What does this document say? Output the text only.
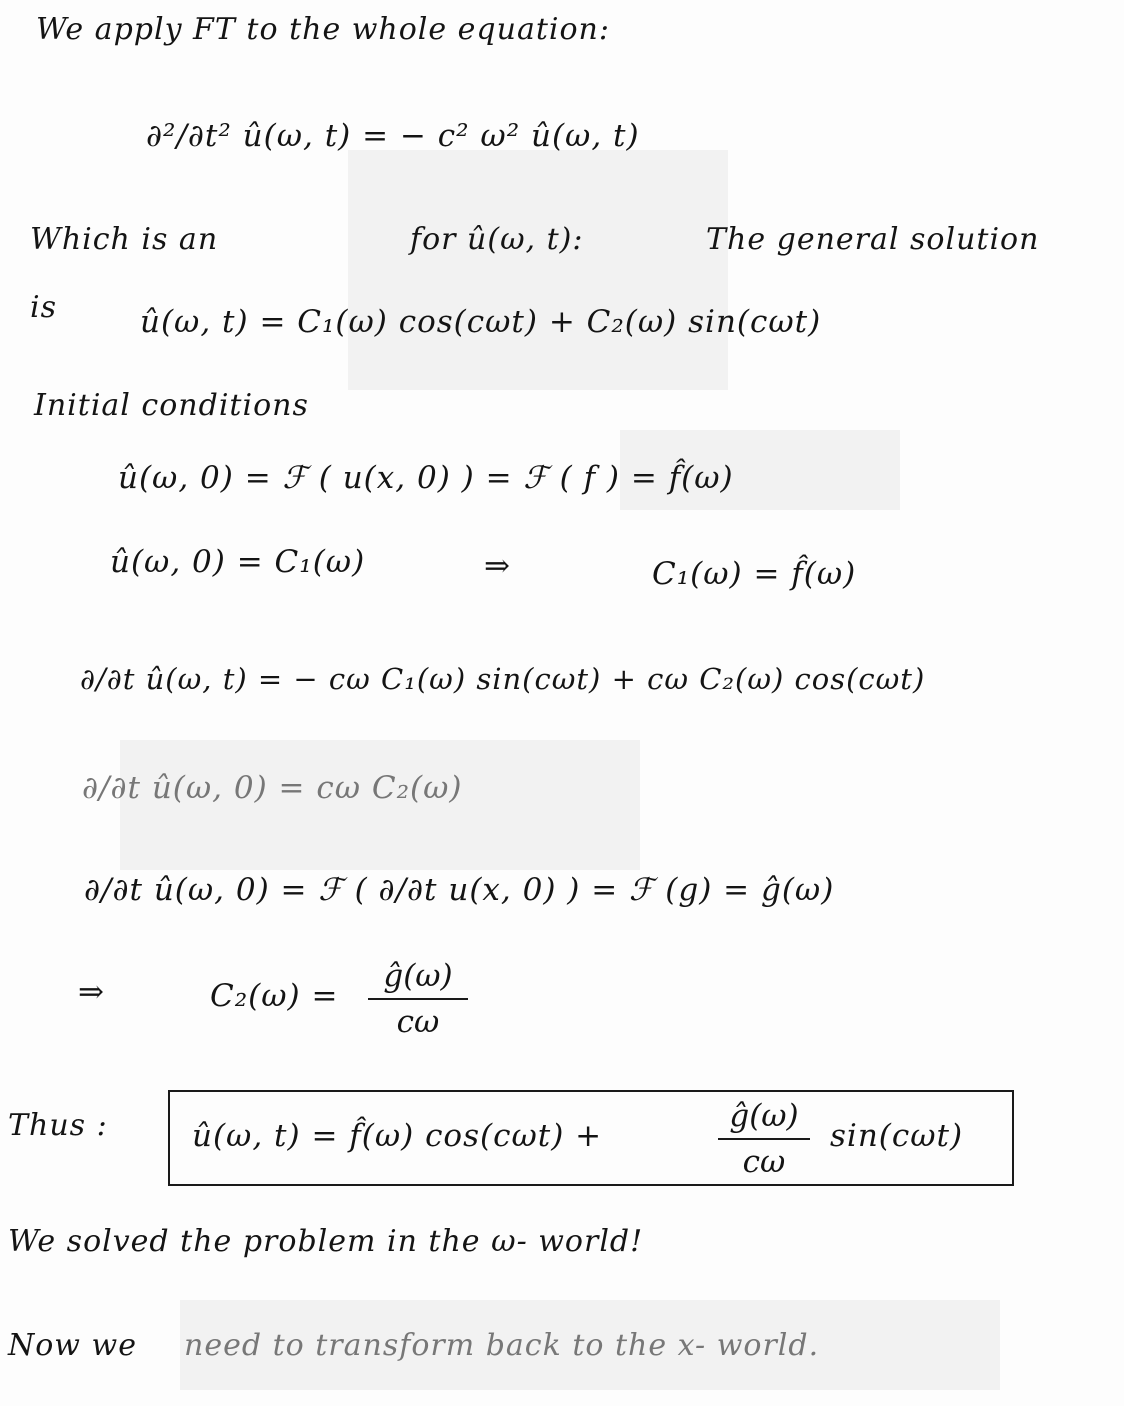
We apply FT to the whole equation:
∂²/∂t² û(ω, t) = − c² ω² û(ω, t)
Which is an	for û(ω, t):	The general solution
is	û(ω, t) = C₁(ω) cos(cωt) + C₂(ω) sin(cωt)
Initial conditions
û(ω, 0) = ℱ ( u(x, 0) ) = ℱ ( f ) = f̂(ω)
û(ω, 0) = C₁(ω)	⇒	C₁(ω) = f̂(ω)
∂/∂t û(ω, t) = − cω C₁(ω) sin(cωt) + cω C₂(ω) cos(cωt)
∂/∂t û(ω, 0) = cω C₂(ω)
∂/∂t û(ω, 0) = ℱ ( ∂/∂t u(x, 0) ) = ℱ (g) = ĝ(ω)
⇒	C₂(ω) =
ĝ(ω)
cω
Thus :	û(ω, t) = f̂(ω) cos(cωt) +
ĝ(ω)
cω
sin(cωt)
We solved the problem in the ω- world!
Now we need to transform back to the x- world.
